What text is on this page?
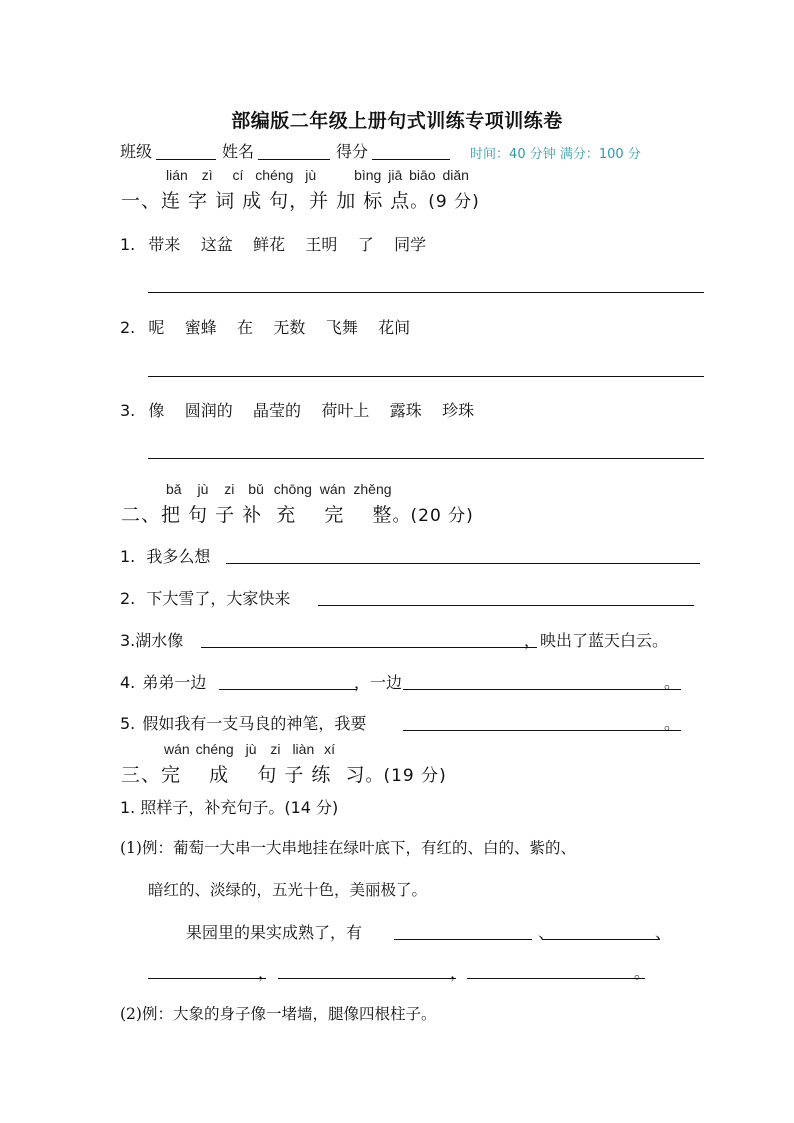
部编版二年级上册句式训练专项训练卷
班级	姓名	得分	时间：40 分钟 满分：100 分
lián zì cí chéng jù	bìng jiā biāo diǎn
一、连 字 词 成 句，并 加 标 点。(9 分)
1. 带来    这盆    鲜花    王明    了    同学
2. 呢    蜜蜂    在    无数    飞舞    花间
3. 像    圆润的    晶莹的    荷叶上    露珠    珍珠
bǎ jù zi bǔ chōng wán zhěng
二、把 句 子 补  充    完    整。(20 分)
1. 我多么想
2. 下大雪了，大家快来
3.湖水像	，映出了蓝天白云。
4. 弟弟一边	，一边	。
5. 假如我有一支马良的神笔，我要	。
wán chéng jù zi liàn xí
三、完    成    句 子 练  习。(19 分)
1. 照样子，补充句子。(14 分)
(1)例：葡萄一大串一大串地挂在绿叶底下，有红的、白的、紫的、
暗红的、淡绿的，五光十色，美丽极了。
果园里的果实成熟了，有	、	、
，	，	。
(2)例：大象的身子像一堵墙，腿像四根柱子。
